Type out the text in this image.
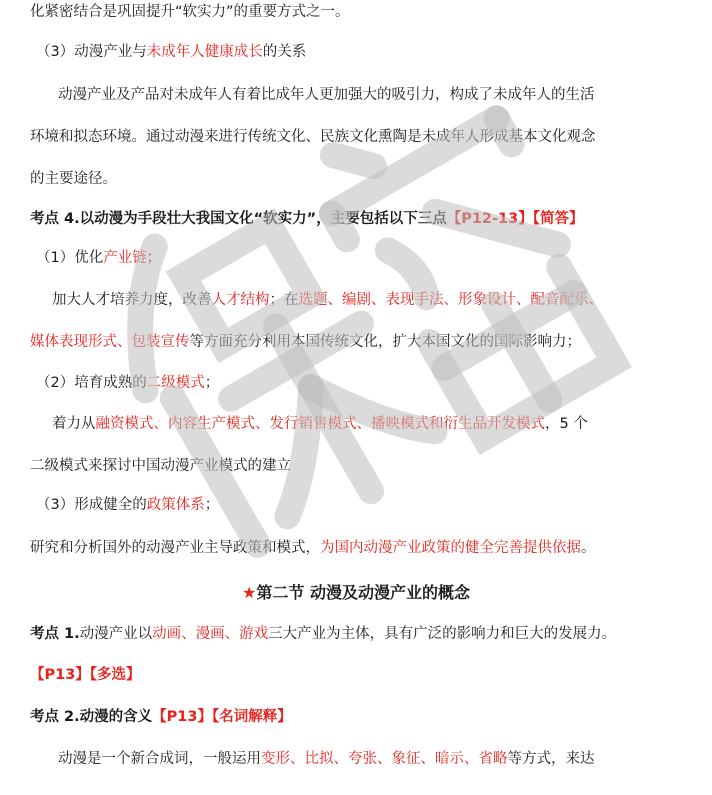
化紧密结合是巩固提升“软实力”的重要方式之一。
（3）动漫产业与未成年人健康成长的关系
动漫产业及产品对未成年人有着比成年人更加强大的吸引力，构成了未成年人的生活
环境和拟态环境。通过动漫来进行传统文化、民族文化熏陶是未成年人形成基本文化观念
的主要途径。
考点 4.以动漫为手段壮大我国文化“软实力”，主要包括以下三点【P12-13】【简答】
（1）优化产业链；
加大人才培养力度，改善人才结构；在选题、编剧、表现手法、形象设计、配音配乐、
媒体表现形式、包装宣传等方面充分利用本国传统文化，扩大本国文化的国际影响力；
（2）培育成熟的二级模式；
着力从融资模式、内容生产模式、发行销售模式、播映模式和衍生品开发模式，5 个
二级模式来探讨中国动漫产业模式的建立
（3）形成健全的政策体系；
研究和分析国外的动漫产业主导政策和模式，为国内动漫产业政策的健全完善提供依据。
★第二节 动漫及动漫产业的概念
考点 1.动漫产业以动画、漫画、游戏三大产业为主体，具有广泛的影响力和巨大的发展力。
【P13】【多选】
考点 2.动漫的含义【P13】【名词解释】
动漫是一个新合成词，一般运用变形、比拟、夸张、象征、暗示、省略等方式，来达
